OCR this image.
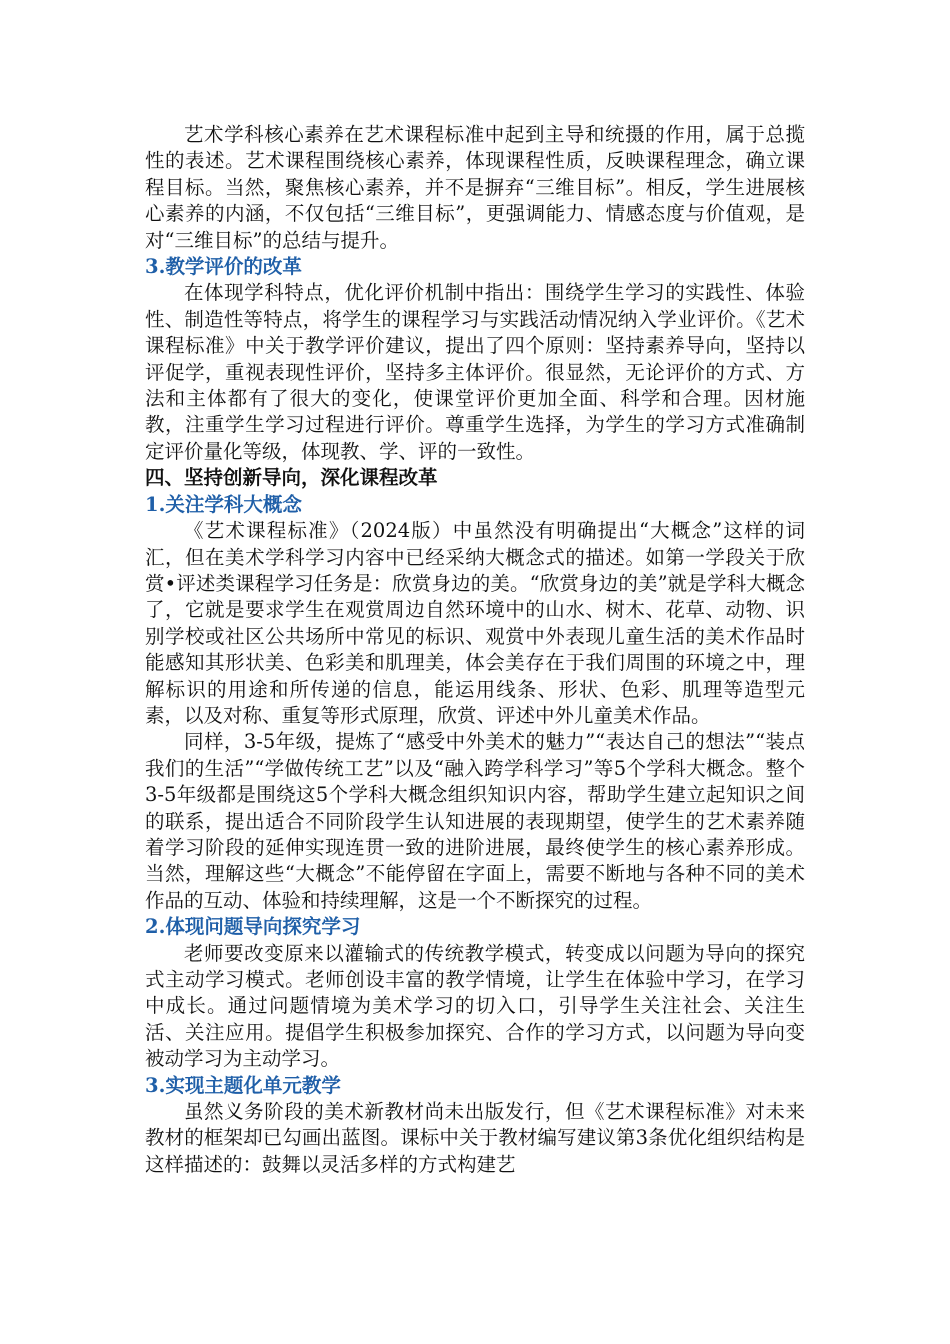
艺术学科核心素养在艺术课程标准中起到主导和统摄的作用，属于总揽性的表述。艺术课程围绕核心素养，体现课程性质，反映课程理念，确立课程目标。当然，聚焦核心素养，并不是摒弃“三维目标”。相反，学生进展核心素养的内涵，不仅包括“三维目标”，更强调能力、情感态度与价值观，是对“三维目标”的总结与提升。

3.教学评价的改革

在体现学科特点，优化评价机制中指出：围绕学生学习的实践性、体验性、制造性等特点，将学生的课程学习与实践活动情况纳入学业评价。《艺术课程标准》中关于教学评价建议，提出了四个原则：坚持素养导向，坚持以评促学，重视表现性评价，坚持多主体评价。很显然，无论评价的方式、方法和主体都有了很大的变化，使课堂评价更加全面、科学和合理。因材施教，注重学生学习过程进行评价。尊重学生选择，为学生的学习方式准确制定评价量化等级，体现教、学、评的一致性。

四、坚持创新导向，深化课程改革

1.关注学科大概念

《艺术课程标准》（2024版）中虽然没有明确提出“大概念”这样的词汇，但在美术学科学习内容中已经采纳大概念式的描述。如第一学段关于欣赏•评述类课程学习任务是：欣赏身边的美。“欣赏身边的美”就是学科大概念了，它就是要求学生在观赏周边自然环境中的山水、树木、花草、动物、识别学校或社区公共场所中常见的标识、观赏中外表现儿童生活的美术作品时能感知其形状美、色彩美和肌理美，体会美存在于我们周围的环境之中，理解标识的用途和所传递的信息，能运用线条、形状、色彩、肌理等造型元素，以及对称、重复等形式原理，欣赏、评述中外儿童美术作品。

同样，3-5年级，提炼了“感受中外美术的魅力”“表达自己的想法”“装点我们的生活”“学做传统工艺”以及“融入跨学科学习”等5个学科大概念。整个3-5年级都是围绕这5个学科大概念组织知识内容，帮助学生建立起知识之间的联系，提出适合不同阶段学生认知进展的表现期望，使学生的艺术素养随着学习阶段的延伸实现连贯一致的进阶进展，最终使学生的核心素养形成。当然，理解这些“大概念”不能停留在字面上，需要不断地与各种不同的美术作品的互动、体验和持续理解，这是一个不断探究的过程。

2.体现问题导向探究学习

老师要改变原来以灌输式的传统教学模式，转变成以问题为导向的探究式主动学习模式。老师创设丰富的教学情境，让学生在体验中学习，在学习中成长。通过问题情境为美术学习的切入口，引导学生关注社会、关注生活、关注应用。提倡学生积极参加探究、合作的学习方式，以问题为导向变被动学习为主动学习。

3.实现主题化单元教学

虽然义务阶段的美术新教材尚未出版发行，但《艺术课程标准》对未来教材的框架却已勾画出蓝图。课标中关于教材编写建议第3条优化组织结构是这样描述的：鼓舞以灵活多样的方式构建艺
